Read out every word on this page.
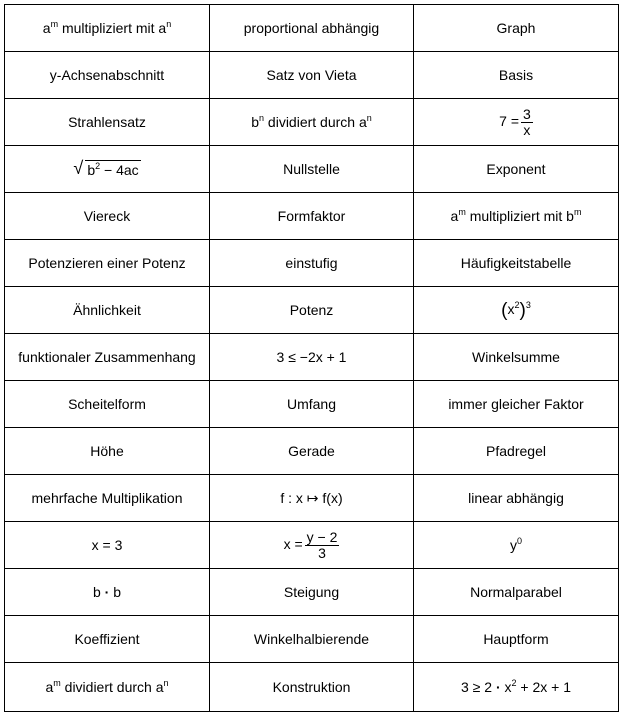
$a^m$ multipliziert mit $a^n$	proportional abhängig	Graph
y-Achsenabschnitt	Satz von Vieta	Basis
Strahlensatz	$b^n$ dividiert durch $a^n$	$7 = \frac{3}{x}$

√ $b^2 - 4ac$	Nullstelle	Exponent
Viereck	Formfaktor	$a^m$ multipliziert mit $b^m$
Potenzieren einer Potenz	einstufig	Häufigkeitstabelle
Ähnlichkeit	Potenz	$(x^2)^3$
funktionaler Zusammenhang	3 ≤ −2x + 1	Winkelsumme
Scheitelform	Umfang	immer gleicher Faktor
Höhe	Gerade	Pfadregel
mehrfache Multiplikation	f : x ↦ f(x)	linear abhängig
x = 3	$x = \frac{y - 2}{3}$	$y^0$
b · b	Steigung	Normalparabel
Koeffizient	Winkelhalbierende	Hauptform
$a^m$ dividiert durch $a^n$	Konstruktion	$3 \ge 2 \cdot x^2 + 2x + 1$
